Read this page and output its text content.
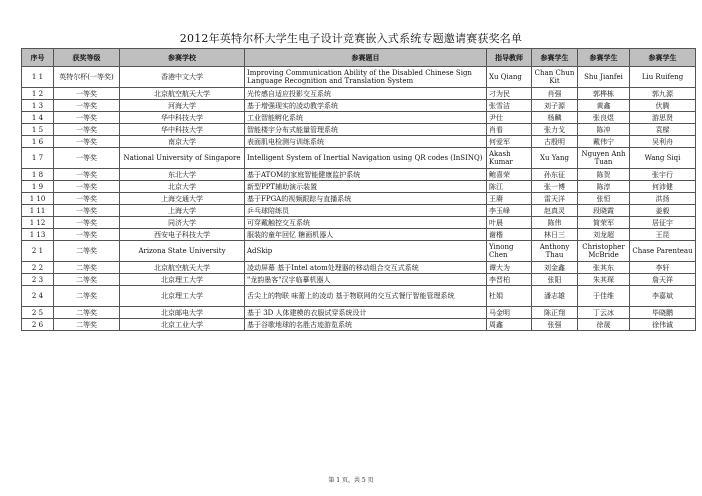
2012年英特尔杯大学生电子设计竞赛嵌入式系统专题邀请赛获奖名单
序号	获奖等级	参赛学校	参赛题目	指导教师	参赛学生	参赛学生	参赛学生
1 1	英特尔杯(一等奖)	香港中文大学	Improving Communication Ability of the Disabled Chinese Sign Language Recognition and Translation System	Xu Qiang	Chan Chun Kit	Shu Jianfei	Liu Ruifeng
1 2	一等奖	北京航空航天大学	光传感自适应投影交互系统	刁为民	肖强	郭桦栋	郭九源
1 3	一等奖	河海大学	基于增强现实的凌动教学系统	张雪洁	刘子源	黄鑫	伏腾
1 4	一等奖	华中科技大学	工业智能孵化系统	尹仕	杨麟	张良煜	游思贤
1 5	一等奖	华中科技大学	智能楼宇分布式能量管理系统	肖看	张力戈	陈冲	袁樑
1 6	一等奖	南京大学	表面肌电检测与训练系统	何爱军	古殷明	戴伟宁	吴利舟
1 7	一等奖	National University of Singapore	Intelligent System of Inertial Navigation using QR codes (InSINQ)	Akash Kumar	Xu Yang	Nguyen Anh Tuan	Wang Siqi
1 8	一等奖	东北大学	基于ATOM的家庭智能健康监护系统	鲍喜荣	孙东征	陈贺	张宇行
1 9	一等奖	北京大学	新型PPT辅助演示装置	陈江	张一博	陈淳	何沛健
1 10	一等奖	上海交通大学	基于FPGA的视频跟踪与直播系统	王赓	雷天洋	张恒	洪扬
1 11	一等奖	上海大学	乒乓球陪练员	李玉峰	赵真灵	段晓霞	姜毅
1 12	一等奖	同济大学	可穿戴触控交互系统	叶晨	陈伟	简荣军	居征宇
1 13	一等奖	西安电子科技大学	服装的童年回忆 糖画机器人	谢楷	林日三	刘龙超	王昆
2 1	二等奖	Arizona State University	AdSkip	Yinong Chen	Anthony Thau	Christopher McBride	Chase Parenteau
2 2	二等奖	北京航空航天大学	凌动屏幕 基于Intel atom处理器的移动组合交互式系统	谭大为	刘金鑫	张其东	李轩
2 3	二等奖	北京理工大学	"龙韵墨客"汉字临摹机器人	李晋柏	张阳	朱其琛	詹天祥
2 4	二等奖	北京理工大学	舌尖上的物联 味蕾上的凌动 基于物联网的交互式餐厅智能管理系统	杜娟	潘志雄	于佳维	李嘉斌
2 5	二等奖	北京邮电大学	基于 3D 人体建模的衣服试穿系统设计	马金明	陈正翔	丁云冰	毕晓鹏
2 6	二等奖	北京工业大学	基于谷歌地球的名胜古迹游览系统	周鑫	张强	徐晟	徐伟诚
第 1 页，共 5 页
